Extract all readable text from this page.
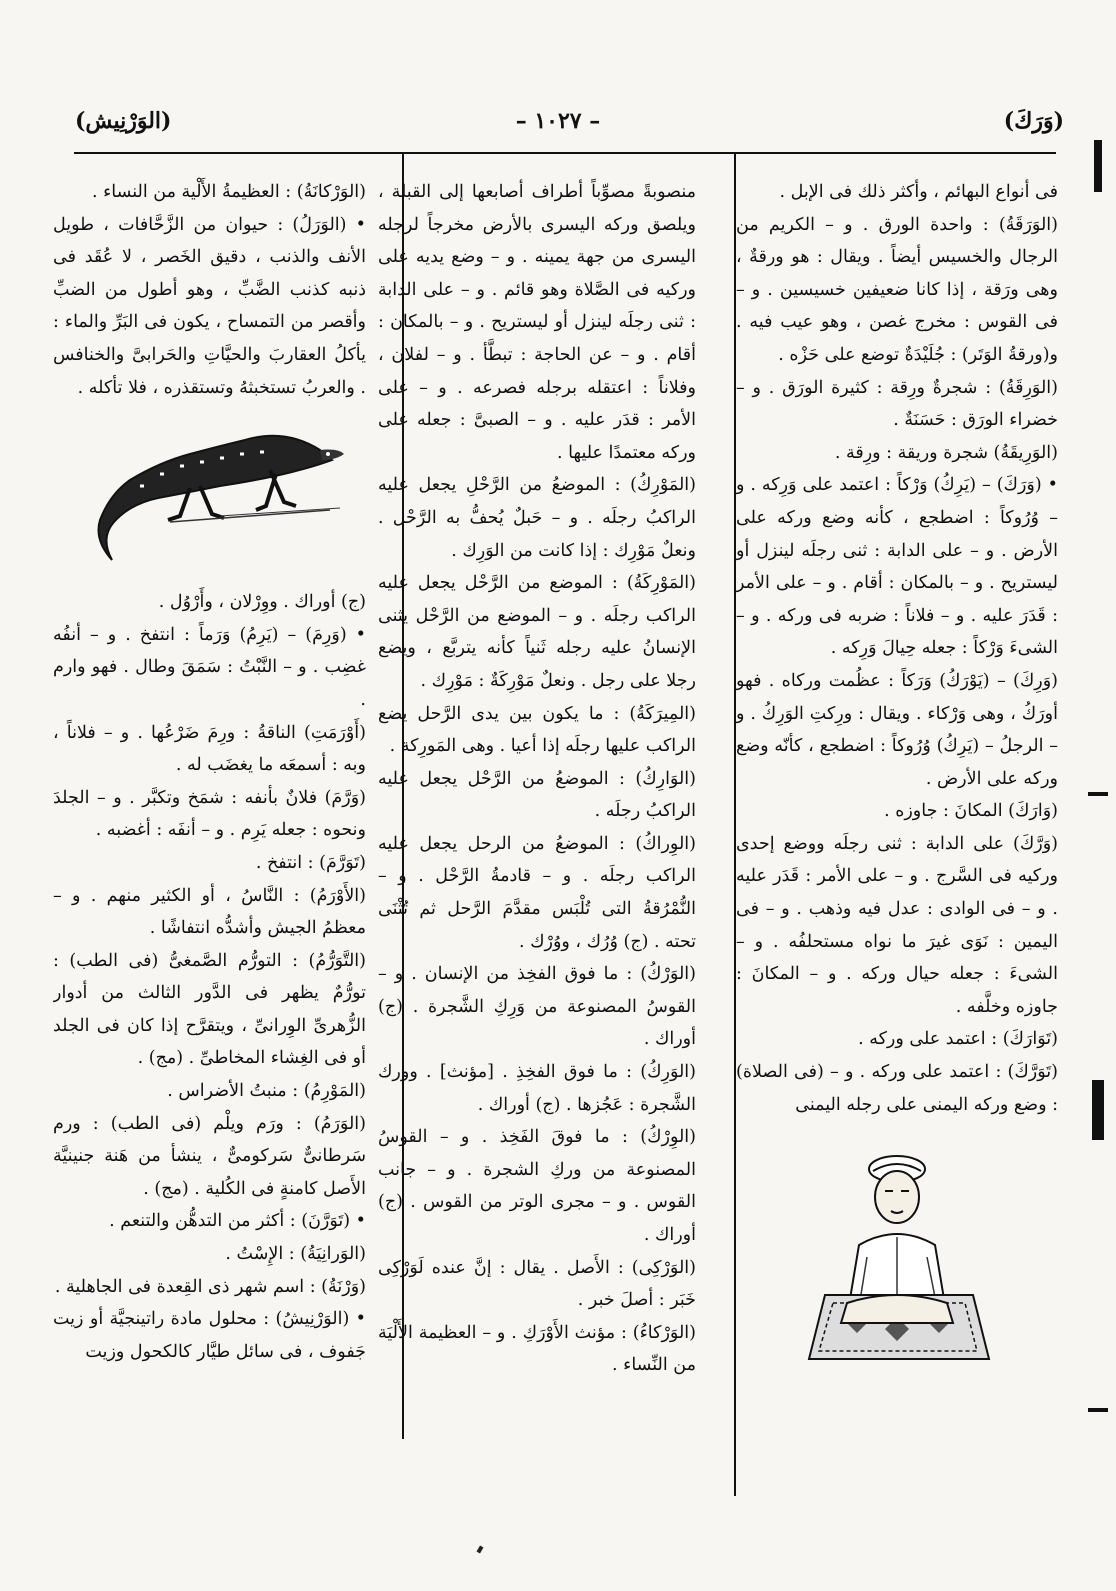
(وَرَكَ)
– ١٠٢٧ –
(الوَرْنِيش)

فى أنواع البهائم ، وأكثر ذلك فى الإبل .

(الوَرَقَةُ) : واحدة الورق . و – الكريم من الرجال والخسيس أيضاً . ويقال : هو ورقةٌ ، وهى ورَقة ، إذا كانا ضعيفين خسيسين . و – فى القوس : مخرج غصن ، وهو عيب فيه . و(ورقةُ الوَتَر) : جُلَيْدَةٌ توضع على حَزْه .

(الوَرِقَةُ) : شجرةٌ ورِقة : كثيرة الورَق . و – خضراء الورَق : حَسَنَةٌ .

(الوَرِيقَةُ) شجرة وريقة : ورِقة .

• (وَرَكَ) – (يَرِكُ) وَرْكاً : اعتمد على وَرِكه . و – وُرُوكاً : اضطجع ، كأنه وضع وركه على الأرض . و – على الدابة : ثنى رجلَه لينزل أو ليستريح . و – بالمكان : أقام . و – على الأمر : قَدَرَ عليه . و – فلاناً : ضربه فى وركه . و – الشىءَ وَرْكاً : جعله حِيالَ وَرِكه .

(وَرِكَ) – (يَوْرَكُ) وَرَكاً : عظُمت وركاه . فهو أورَكُ ، وهى وَرْكاء . ويقال : ورِكتِ الوَرِكُ . و – الرجلُ – (يَرِكُ) وُرُوكاً : اضطجع ، كأنّه وضع وركه على الأرض .

(وَارَكَ) المكانَ : جاوزه .

(وَرَّكَ) على الدابة : ثنى رجلَه ووضع إحدى وركيه فى السَّرج . و – على الأمر : قَدَر عليه . و – فى الوادى : عدل فيه وذهب . و – فى اليمين : نَوَى غيرَ ما نواه مستحلفُه . و – الشىءَ : جعله حيال وركه . و – المكانَ : جاوزه وخلَّفه .

(تَوَارَكَ) : اعتمد على وركه .

(تَوَرَّكَ) : اعتمد على وركه . و – (فى الصلاة) : وضع وركه اليمنى على رجله اليمنى

منصوبةً مصوِّباً أطراف أصابعها إلى القبلة ، ويلصق وركه اليسرى بالأرض مخرجاً لرجله اليسرى من جهة يمينه . و – وضع يديه على وركيه فى الصَّلاة وهو قائم . و – على الدابة : ثنى رجلَه لينزل أو ليستريح . و – بالمكان : أقام . و – عن الحاجة : تبطَّأ . و – لفلان ، وفلاناً : اعتقله برجله فصرعه . و – على الأمر : قدَر عليه . و – الصبىَّ : جعله على وركه معتمدًا عليها .

(المَوْرِكُ) : الموضعُ من الرَّحْلِ يجعل عليه الراكبُ رجلَه . و – حَبلٌ يُحفُّ به الرَّحْل . ونعلٌ مَوْرِك : إذا كانت من الوَرِك .

(المَوْرِكَةُ) : الموضع من الرَّحْل يجعل عليه الراكب رجلَه . و – الموضع من الرَّحْل يثنى الإنسانُ عليه رجله ثَنياً كأنه يتربَّع ، ويضع رجلا على رجل . ونعلٌ مَوْرِكَةٌ : مَوْرِك .

(المِيرَكَةُ) : ما يكون بين يدى الرَّحل يضع الراكب عليها رجلَه إذا أعيا . وهى المَورِكة .

(الوَارِكُ) : الموضعُ من الرَّحْل يجعل عليه الراكبُ رجلَه .

(الوِراكُ) : الموضعُ من الرحل يجعل عليه الراكب رجلَه . و – قادمةُ الرَّحْل . و – النُّمْرُقةُ التى تُلْبَس مقدَّمَ الرَّحل ثم تُثْنَى تحته . (ج) وُرُك ، ووُرْك .

(الوَرْكُ) : ما فوق الفخِذ من الإنسان . و – القوسُ المصنوعة من وَرِكِ الشَّجرة . (ج) أوراك .

(الوَرِكُ) : ما فوق الفخِذِ . [مؤنث] . وورك الشَّجرة : عَجُزها . (ج) أوراك .

(الوِرْكُ) : ما فوقَ الفَخِذ . و – القوسُ المصنوعة من وركِ الشجرة . و – جانب القوس . و – مجرى الوتر من القوس . (ج) أوراك .

(الوَرْكِى) : الأَصل . يقال : إنَّ عنده لَوَرْكِى خَبَر : أصلَ خبر .

(الوَرْكاءُ) : مؤنث الأَوْرَكِ . و – العظيمة الأَلْيَة من النِّساء .

(الوَرْكانَةُ) : العظيمةُ الأَلْية من النساء .

• (الوَرَلُ) : حيوان من الزَّحَّافات ، طويل الأنف والذنب ، دقيق الخَصر ، لا عُقَد فى ذنبه كذنب الضَّبِّ ، وهو أطول من الضبِّ وأقصر من التمساح ، يكون فى البَرِّ والماء : يأكلُ العقاربَ والحيَّاتِ والحَرابىَّ والخنافس . والعربُ تستخبثهُ وتستقذره ، فلا تأكله .

(ج) أوراك . ووِرْلان ، وأَرْوُل .

• (وَرِمَ) – (يَرِمُ) وَرَماً : انتفخ . و – أنفُه غضِب . و – النَّبْتُ : سَمَقَ وطال . فهو وارم .

(أَوْرَمَتِ) الناقةُ : ورِمَ ضَرْعُها . و – فلاناً ، وبه : أسمعَه ما يغضَب له .

(وَرَّمَ) فلانٌ بأنفه : شمَخ وتكبَّر . و – الجلدَ ونحوه : جعله يَرِم . و – أنفَه : أغضبه .

(تَوَرَّمَ) : انتفخ .

(الأَوْرَمُ) : النَّاسُ ، أو الكثير منهم . و – معظمُ الجيش وأشدُّه انتفاشًا .

(التَّوَرُّمُ) : التورُّم الصَّمغىُّ (فى الطب) : تورُّمٌ يظهر فى الدَّور الثالث من أدوار الزُّهرىِّ الوِرانىِّ ، ويتقرَّح إذا كان فى الجلد أو فى الغِشاء المخاطىِّ . (مج) .

(المَوْرِمُ) : منبتُ الأضراس .

(الوَرَمُ) : ورَم ويلْم (فى الطب) : ورم سَرطانىٌّ سَركومىٌّ ، ينشأ من هَنة جنينيَّة الأَصل كامنةٍ فى الكُلية . (مج) .

• (تَوَرَّنَ) : أكثر من التدهُّن والتنعم .

(الوَرانِيَةُ) : الإِسْتُ .

(وَرْنَةُ) : اسم شهر ذى القِعدة فى الجاهلية .

• (الوَرْنِيشُ) : محلول مادة راتينجيَّة أو زيت جَفوف ، فى سائل طيَّار كالكحول وزيت
